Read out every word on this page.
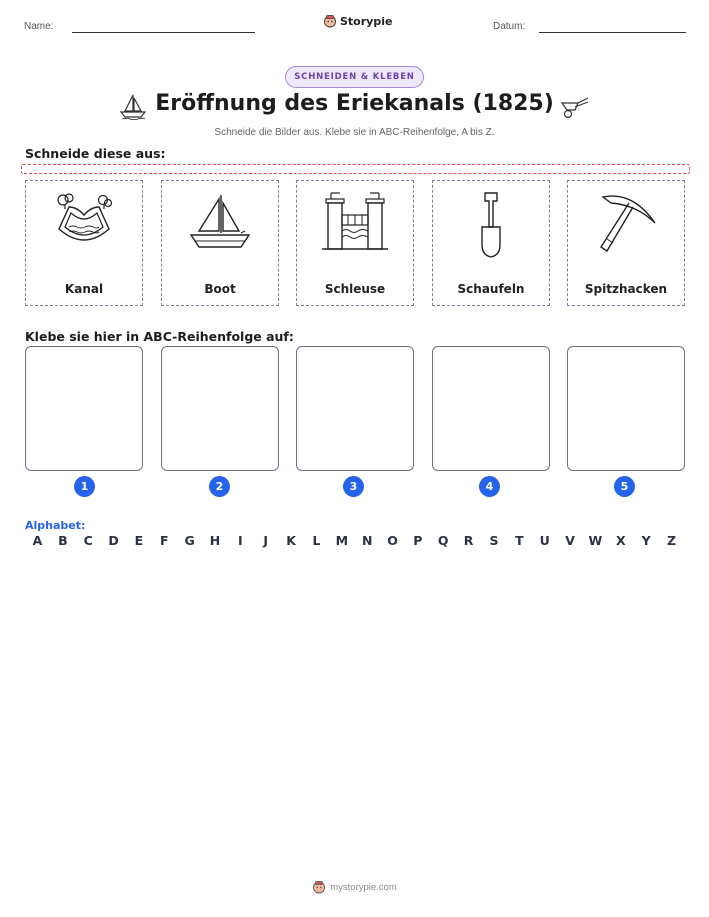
Name:	Storypie	Datum:
SCHNEIDEN & KLEBEN
Eröffnung des Eriekanals (1825)
Schneide die Bilder aus. Klebe sie in ABC-Reihenfolge, A bis Z.
Schneide diese aus:
Kanal	Boot	Schleuse	Schaufeln	Spitzhacken
Klebe sie hier in ABC-Reihenfolge auf:
1	2	3	4	5
Alphabet:
A	B	C	D	E	F	G	H	I	J	K	L	M	N	O	P	Q	R	S	T	U	V	W	X	Y	Z
mystorypie.com
